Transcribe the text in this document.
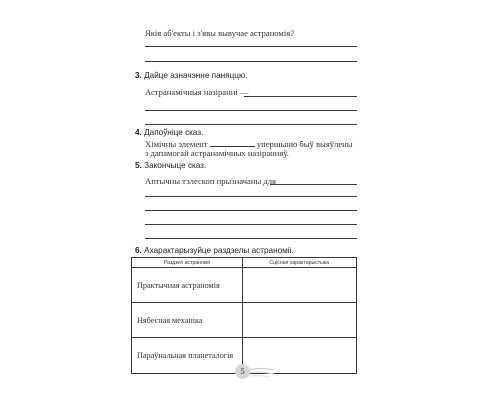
Якія аб'екты і з'явы вывучае астраномія?
3. Дайце азначэнне паняццю.
Астранамічныя назіранні —
4. Дапоўніце сказ.
Хімічны элемент	упершыню быў выяўлены
з дапамогай астранамічных назіранняў.
5. Закончыце сказ.
Аптычны тэлескоп прызначаны для
6. Ахарактарызуйце раздзелы астраноміі.
Раздзел астраноміі	Сцісная характарыстыка
Практычная астраномія	
Нябесная механіка	
Параўнальная планеталогія	
5
